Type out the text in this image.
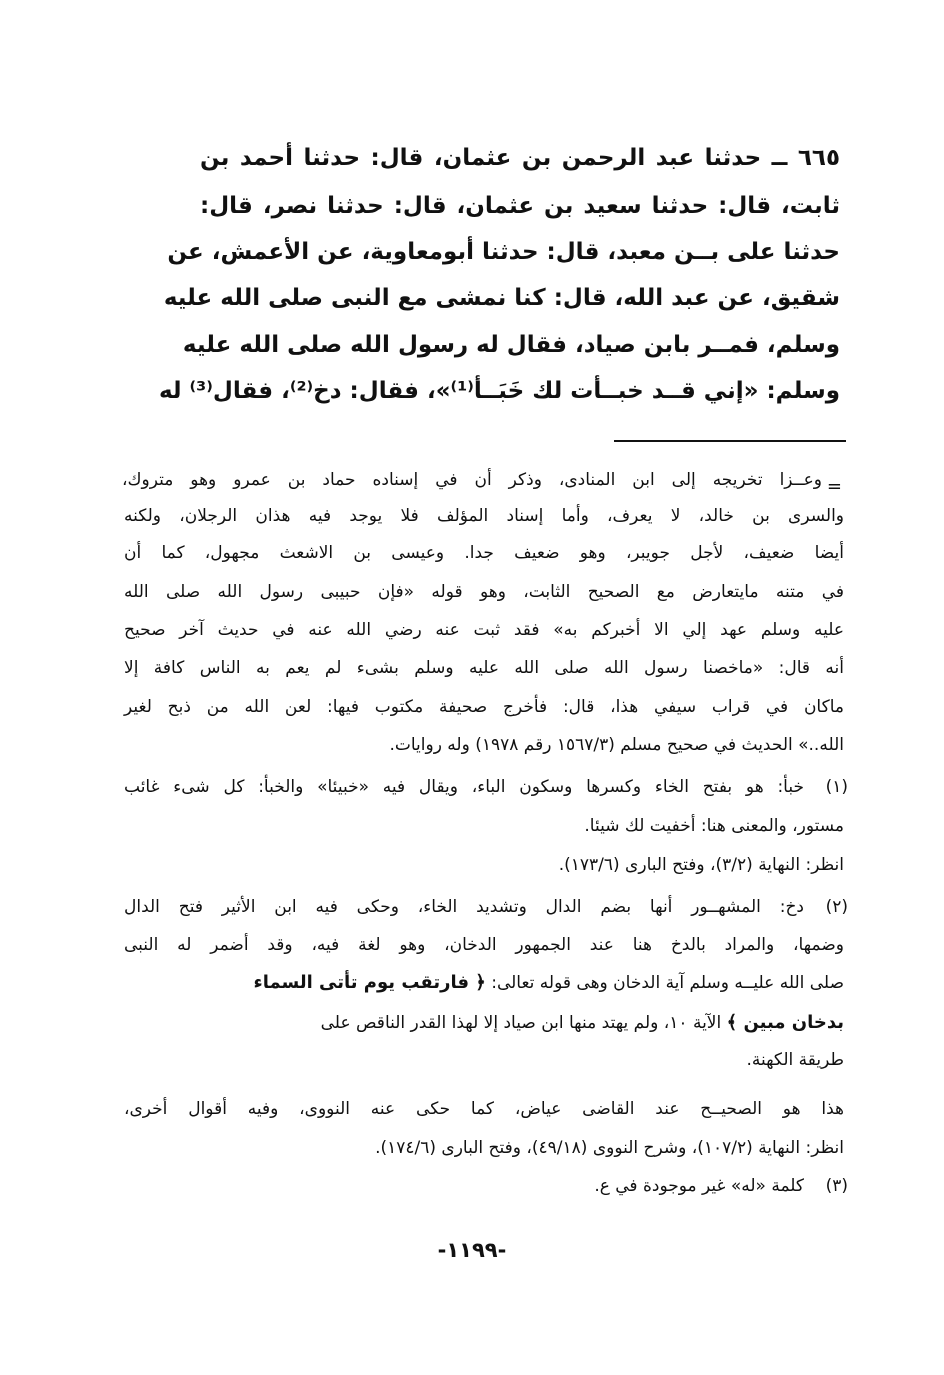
٦٦٥ ــ حدثنا عبد الرحمن بن عثمان، قال: حدثنا أحمد بن
ثابت، قال: حدثنا سعيد بن عثمان، قال: حدثنا نصر، قال:
حدثنا على بــن معبد، قال: حدثنا أبومعاوية، عن الأعمش، عن
شقيق، عن عبد الله، قال: كنا نمشى مع النبى صلى الله عليه
وسلم، فمــر بابن صياد، فقال له رسول الله صلى الله عليه
وسلم: «إني قــد خبــأت لك خَبَــأ⁽¹⁾»، فقال: دخ⁽²⁾، فقال⁽³⁾ له
=
وعــزا تخريجه إلى ابن المنادى، وذكر أن في إسناده حماد بن عمرو وهو متروك،
والسرى بن خالد، لا يعرف، وأما إسناد المؤلف فلا يوجد فيه هذان الرجلان، ولكنه
أيضا ضعيف، لأجل جويبر، وهو ضعيف جدا. وعيسى بن الاشعث مجهول، كما أن
في متنه مايتعارض مع الصحيح الثابت، وهو قوله «فإن حبيبى رسول الله صلى الله
عليه وسلم عهد إلي الا أخبركم به» فقد ثبت عنه رضي الله عنه في حديث آخر صحيح
أنه قال: «ماخصنا رسول الله صلى الله عليه وسلم بشىء لم يعم به الناس كافة إلا
ماكان في قراب سيفي هذا، قال: فأخرج صحيفة مكتوب فيها: لعن الله من ذبح لغير
الله..» الحديث في صحيح مسلم (١٥٦٧/٣ رقم ١٩٧٨) وله روايات.
(١)
خبأ: هو بفتح الخاء وكسرها وسكون الباء، ويقال فيه «خبيئا» والخبأ: كل شىء غائب
مستور، والمعنى هنا: أخفيت لك شيئا.
انظر: النهاية (٣/٢)، وفتح البارى (١٧٣/٦).
(٢)
دخ: المشهــور أنها بضم الدال وتشديد الخاء، وحكى فيه ابن الأثير فتح الدال
وضمها، والمراد بالدخ هنا عند الجمهور الدخان، وهو لغة فيه، وقد أضمر له النبى
صلى الله عليــه وسلم آية الدخان وهى قوله تعالى: ﴿ فارتقب يوم تأتى السماء
بدخان مبين ﴾ الآية ١٠، ولم يهتد منها ابن صياد إلا لهذا القدر الناقص على
طريقة الكهنة.
هذا هو الصحيــح عند القاضى عياض، كما حكى عنه النووى، وفيه أقوال أخرى،
انظر: النهاية (١٠٧/٢)، وشرح النووى (٤٩/١٨)، وفتح البارى (١٧٤/٦).
(٣)
كلمة «له» غير موجودة في ع.
-١١٩٩-
